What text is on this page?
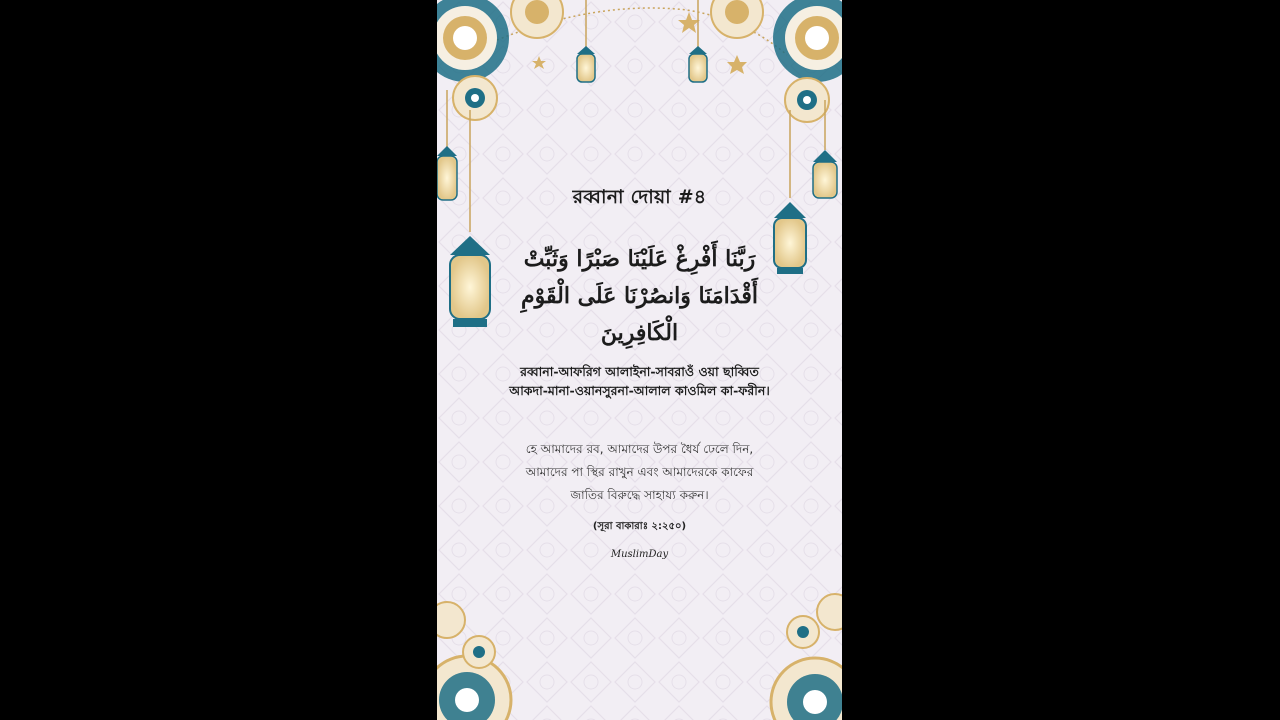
রব্বানা দোয়া #৪
رَبَّنَا أَفْرِغْ عَلَيْنَا صَبْرًا وَثَبِّتْ أَقْدَامَنَا وَانصُرْنَا عَلَى الْقَوْمِ الْكَافِرِينَ
রব্বানা-আফরিগ আলাইনা-সাবরাওঁ ওয়া ছাব্বিত আকদা-মানা-ওয়ানসুরনা-আলাল কাওমিল কা-ফরীন।
হে আমাদের রব, আমাদের উপর ধৈর্য ঢেলে দিন, আমাদের পা স্থির রাখুন এবং আমাদেরকে কাফের জাতির বিরুদ্ধে সাহায্য করুন।
(সূরা বাকারাঃ ২:২৫০)
MuslimDay
